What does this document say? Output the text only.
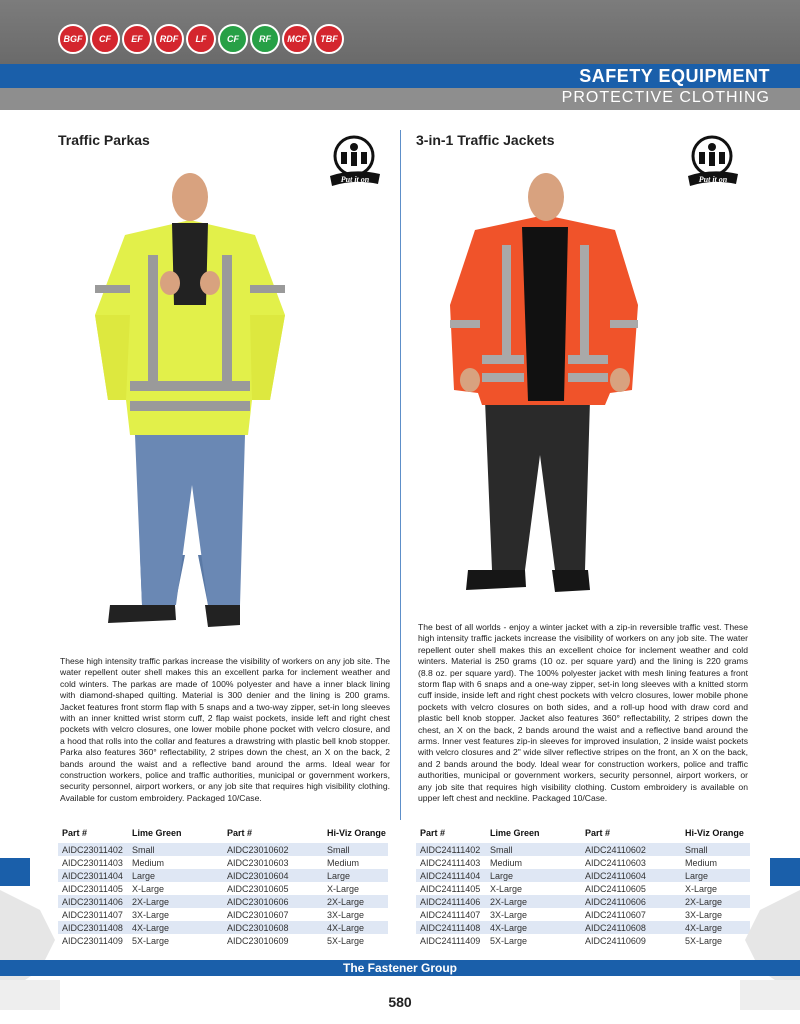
BGF	CF	EF	RDF	LF	CF	RF	MCF	TBF
SAFETY EQUIPMENT
PROTECTIVE CLOTHING
Traffic Parkas
Put it on
These high intensity traffic parkas increase the visibility of workers on any job site. The water repellent outer shell makes this an excellent parka for inclement weather and cold winters. The parkas are made of 100% polyester and have a inner black lining with diamond-shaped quilting. Material is 300 denier and the lining is 200 grams. Jacket features front storm flap with 5 snaps and a two-way zipper, set-in long sleeves with an inner knitted wrist storm cuff, 2 flap waist pockets, inside left and right chest pockets with velcro closures, one lower mobile phone pocket with velcro closure, and a hood that rolls into the collar and features a drawstring with plastic bell knob stopper. Parka also features 360° reflectability, 2 stripes down the chest, an X on the back, 2 bands around the waist and a reflective band around the arms. Ideal wear for construction workers, police and traffic authorities, municipal or government workers, security personnel, airport workers, or any job site that requires high visibility clothing. Available for custom embroidery. Packaged 10/Case.
Part #	Lime Green	Part #	Hi-Viz Orange
AIDC23011402	Small	AIDC23010602	Small
AIDC23011403	Medium	AIDC23010603	Medium
AIDC23011404	Large	AIDC23010604	Large
AIDC23011405	X-Large	AIDC23010605	X-Large
AIDC23011406	2X-Large	AIDC23010606	2X-Large
AIDC23011407	3X-Large	AIDC23010607	3X-Large
AIDC23011408	4X-Large	AIDC23010608	4X-Large
AIDC23011409	5X-Large	AIDC23010609	5X-Large
3-in-1 Traffic Jackets
Put it on
The best of all worlds - enjoy a winter jacket with a zip-in reversible traffic vest. These high intensity traffic jackets increase the visibility of workers on any job site. The water repellent outer shell makes this an excellent choice for inclement weather and cold winters. Material is 250 grams (10 oz. per square yard) and the lining is 220 grams (8.8 oz. per square yard). The 100% polyester jacket with mesh lining features a front storm flap with 6 snaps and a one-way zipper, set-in long sleeves with a knitted storm cuff inside, inside left and right chest pockets with velcro closures, lower mobile phone pockets with velcro closures on both sides, and a roll-up hood with draw cord and plastic bell knob stopper. Jacket also features 360° reflectability, 2 stripes down the chest, an X on the back, 2 bands around the waist and a reflective band around the arms. Inner vest features zip-in sleeves for improved insulation, 2 inside waist pockets with velcro closures and 2" wide silver reflective stripes on the front, an X on the back, and 2 bands around the body. Ideal wear for construction workers, police and traffic authorities, municipal or government workers, security personnel, airport workers, or any job site that requires high visibility clothing. Custom embroidery is available on upper left chest and neckline. Packaged 10/Case.
Part #	Lime Green	Part #	Hi-Viz Orange
AIDC24111402	Small	AIDC24110602	Small
AIDC24111403	Medium	AIDC24110603	Medium
AIDC24111404	Large	AIDC24110604	Large
AIDC24111405	X-Large	AIDC24110605	X-Large
AIDC24111406	2X-Large	AIDC24110606	2X-Large
AIDC24111407	3X-Large	AIDC24110607	3X-Large
AIDC24111408	4X-Large	AIDC24110608	4X-Large
AIDC24111409	5X-Large	AIDC24110609	5X-Large
The Fastener Group
580
